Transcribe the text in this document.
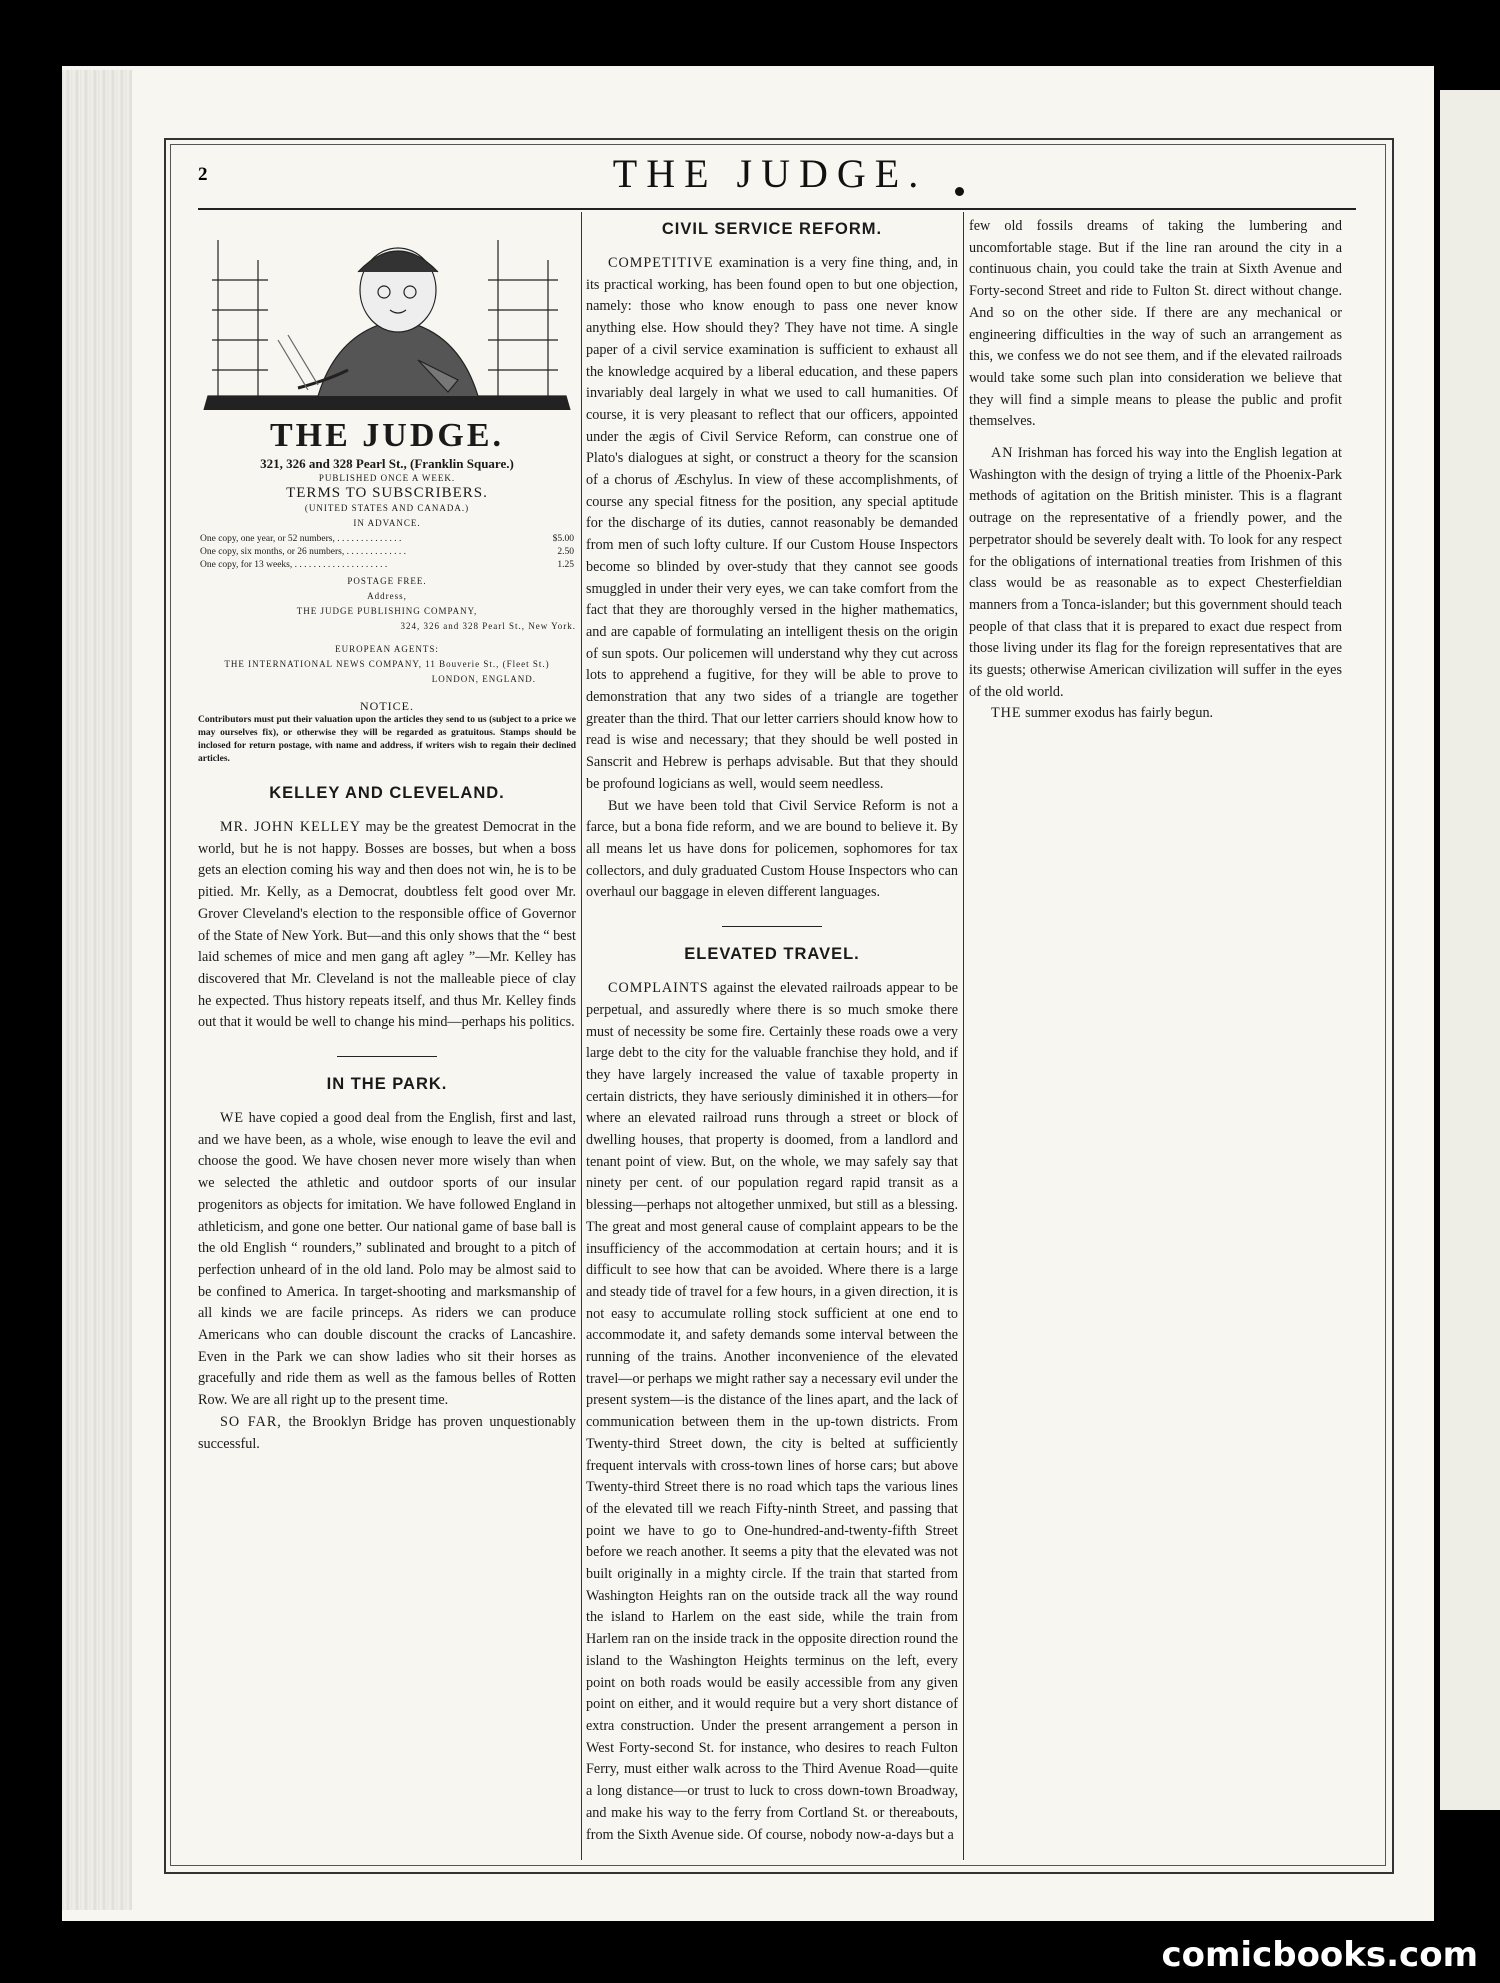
2	THE JUDGE.
THE JUDGE.
321, 326 and 328 Pearl St., (Franklin Square.)
PUBLISHED ONCE A WEEK.
TERMS TO SUBSCRIBERS.
(UNITED STATES AND CANADA.)
IN ADVANCE.
One copy, one year, or 52 numbers, . . . . . . . . . . . . . .	$5.00
One copy, six months, or 26 numbers, . . . . . . . . . . . . .	2.50
One copy, for 13 weeks, . . . . . . . . . . . . . . . . . . . .	1.25
POSTAGE FREE.
Address,
THE JUDGE PUBLISHING COMPANY,
324, 326 and 328 Pearl St., New York.
EUROPEAN AGENTS:
THE INTERNATIONAL NEWS COMPANY, 11 Bouverie St., (Fleet St.)
LONDON, ENGLAND.
NOTICE.
Contributors must put their valuation upon the articles they send to us (subject to a price we may ourselves fix), or otherwise they will be regarded as gratuitous. Stamps should be inclosed for return postage, with name and address, if writers wish to regain their declined articles.
KELLEY AND CLEVELAND.

MR. JOHN KELLEY may be the greatest Democrat in the world, but he is not happy. Bosses are bosses, but when a boss gets an election coming his way and then does not win, he is to be pitied. Mr. Kelly, as a Democrat, doubtless felt good over Mr. Grover Cleveland's election to the responsible office of Governor of the State of New York. But—and this only shows that the “ best laid schemes of mice and men gang aft agley ”—Mr. Kelley has discovered that Mr. Cleveland is not the malleable piece of clay he expected. Thus history repeats itself, and thus Mr. Kelley finds out that it would be well to change his mind—perhaps his politics.

IN THE PARK.

WE have copied a good deal from the English, first and last, and we have been, as a whole, wise enough to leave the evil and choose the good. We have chosen never more wisely than when we selected the athletic and outdoor sports of our insular progenitors as objects for imitation. We have followed England in athleticism, and gone one better. Our national game of base ball is the old English “ rounders,” sublinated and brought to a pitch of perfection unheard of in the old land. Polo may be almost said to be confined to America. In target-shooting and marksmanship of all kinds we are facile princeps. As riders we can produce Americans who can double discount the cracks of Lancashire. Even in the Park we can show ladies who sit their horses as gracefully and ride them as well as the famous belles of Rotten Row. We are all right up to the present time.

SO FAR, the Brooklyn Bridge has proven unquestionably successful.

CIVIL SERVICE REFORM.

COMPETITIVE examination is a very fine thing, and, in its practical working, has been found open to but one objection, namely: those who know enough to pass one never know anything else. How should they? They have not time. A single paper of a civil service examination is sufficient to exhaust all the knowledge acquired by a liberal education, and these papers invariably deal largely in what we used to call humanities. Of course, it is very pleasant to reflect that our officers, appointed under the ægis of Civil Service Reform, can construe one of Plato's dialogues at sight, or construct a theory for the scansion of a chorus of Æschylus. In view of these accomplishments, of course any special fitness for the position, any special aptitude for the discharge of its duties, cannot reasonably be demanded from men of such lofty culture. If our Custom House Inspectors become so blinded by over-study that they cannot see goods smuggled in under their very eyes, we can take comfort from the fact that they are thoroughly versed in the higher mathematics, and are capable of formulating an intelligent thesis on the origin of sun spots. Our policemen will understand why they cut across lots to apprehend a fugitive, for they will be able to prove to demonstration that any two sides of a triangle are together greater than the third. That our letter carriers should know how to read is wise and necessary; that they should be well posted in Sanscrit and Hebrew is perhaps advisable. But that they should be profound logicians as well, would seem needless.

But we have been told that Civil Service Reform is not a farce, but a bona fide reform, and we are bound to believe it. By all means let us have dons for policemen, sophomores for tax collectors, and duly graduated Custom House Inspectors who can overhaul our baggage in eleven different languages.

ELEVATED TRAVEL.

COMPLAINTS against the elevated railroads appear to be perpetual, and assuredly where there is so much smoke there must of necessity be some fire. Certainly these roads owe a very large debt to the city for the valuable franchise they hold, and if they have largely increased the value of taxable property in certain districts, they have seriously diminished it in others—for where an elevated railroad runs through a street or block of dwelling houses, that property is doomed, from a landlord and tenant point of view. But, on the whole, we may safely say that ninety per cent. of our population regard rapid transit as a blessing—perhaps not altogether unmixed, but still as a blessing. The great and most general cause of complaint appears to be the insufficiency of the accommodation at certain hours; and it is difficult to see how that can be avoided. Where there is a large and steady tide of travel for a few hours, in a given direction, it is not easy to accumulate rolling stock sufficient at one end to accommodate it, and safety demands some interval between the running of the trains. Another inconvenience of the elevated travel—or perhaps we might rather say a necessary evil under the present system—is the distance of the lines apart, and the lack of communication between them in the up-town districts. From Twenty-third Street down, the city is belted at sufficiently frequent intervals with cross-town lines of horse cars; but above Twenty-third Street there is no road which taps the various lines of the elevated till we reach Fifty-ninth Street, and passing that point we have to go to One-hundred-and-twenty-fifth Street before we reach another. It seems a pity that the elevated was not built originally in a mighty circle. If the train that started from Washington Heights ran on the outside track all the way round the island to Harlem on the east side, while the train from Harlem ran on the inside track in the opposite direction round the island to the Washington Heights terminus on the left, every point on both roads would be easily accessible from any given point on either, and it would require but a very short distance of extra construction. Under the present arrangement a person in West Forty-second St. for instance, who desires to reach Fulton Ferry, must either walk across to the Third Avenue Road—quite a long distance—or trust to luck to cross down-town Broadway, and make his way to the ferry from Cortland St. or thereabouts, from the Sixth Avenue side. Of course, nobody now-a-days but a

few old fossils dreams of taking the lumbering and uncomfortable stage. But if the line ran around the city in a continuous chain, you could take the train at Sixth Avenue and Forty-second Street and ride to Fulton St. direct without change. And so on the other side. If there are any mechanical or engineering difficulties in the way of such an arrangement as this, we confess we do not see them, and if the elevated railroads would take some such plan into consideration we believe that they will find a simple means to please the public and profit themselves.

AN Irishman has forced his way into the English legation at Washington with the design of trying a little of the Phoenix-Park methods of agitation on the British minister. This is a flagrant outrage on the representative of a friendly power, and the perpetrator should be severely dealt with. To look for any respect for the obligations of international treaties from Irishmen of this class would be as reasonable as to expect Chesterfieldian manners from a Tonca-islander; but this government should teach people of that class that it is prepared to exact due respect from those living under its flag for the foreign representatives that are its guests; otherwise American civilization will suffer in the eyes of the old world.

THE summer exodus has fairly begun.

comicbooks.com
